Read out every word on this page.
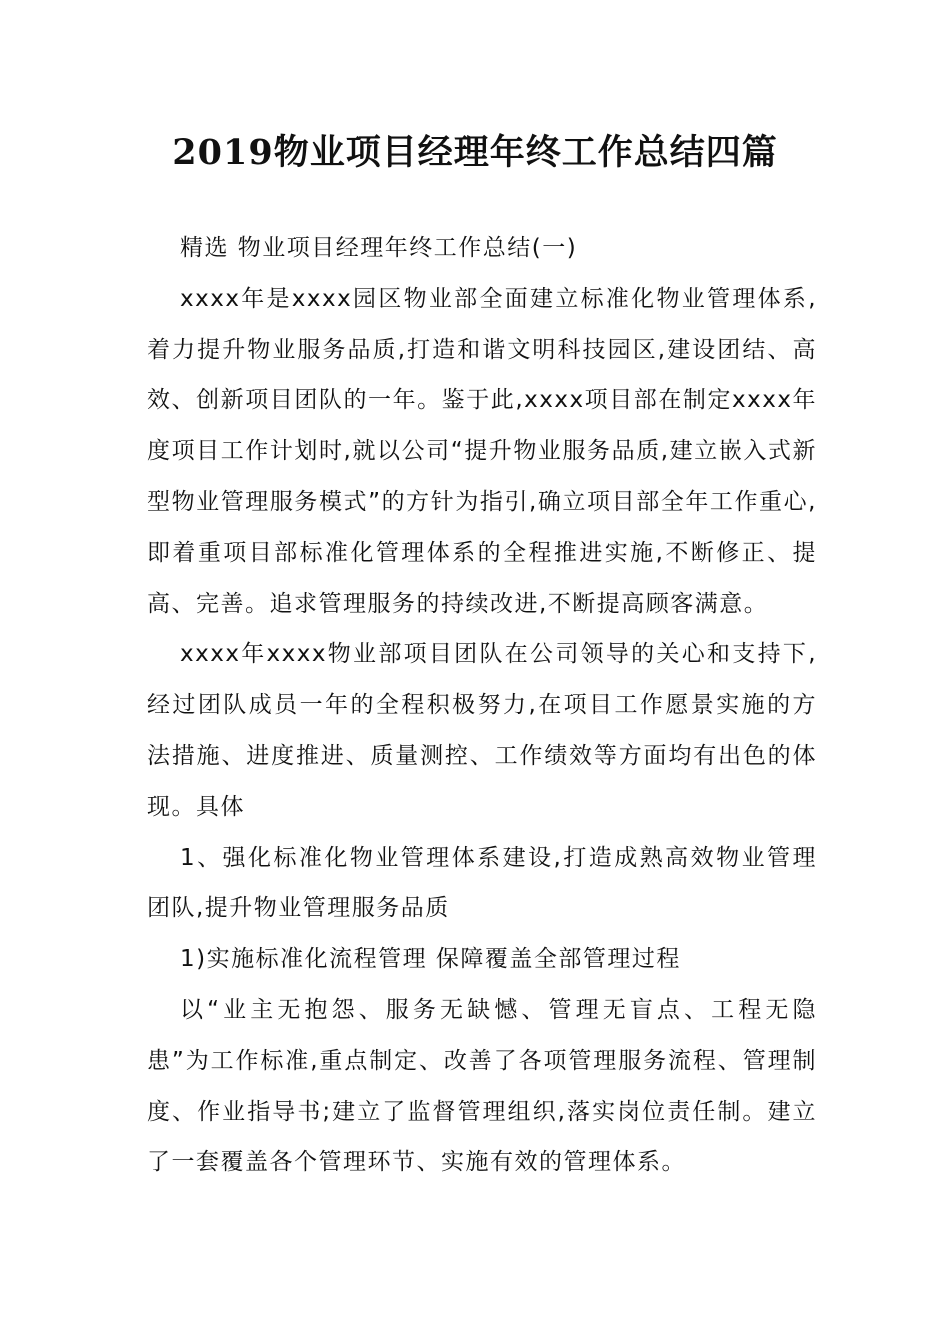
2019物业项目经理年终工作总结四篇

精选 物业项目经理年终工作总结(一)

xxxx年是xxxx园区物业部全面建立标准化物业管理体系,着力提升物业服务品质,打造和谐文明科技园区,建设团结、高效、创新项目团队的一年。鉴于此,xxxx项目部在制定xxxx年度项目工作计划时,就以公司“提升物业服务品质,建立嵌入式新型物业管理服务模式”的方针为指引,确立项目部全年工作重心,即着重项目部标准化管理体系的全程推进实施,不断修正、提高、完善。追求管理服务的持续改进,不断提高顾客满意。

xxxx年xxxx物业部项目团队在公司领导的关心和支持下,经过团队成员一年的全程积极努力,在项目工作愿景实施的方法措施、进度推进、质量测控、工作绩效等方面均有出色的体现。具体

1、强化标准化物业管理体系建设,打造成熟高效物业管理团队,提升物业管理服务品质

1)实施标准化流程管理 保障覆盖全部管理过程

以“业主无抱怨、服务无缺憾、管理无盲点、工程无隐患”为工作标准,重点制定、改善了各项管理服务流程、管理制度、作业指导书;建立了监督管理组织,落实岗位责任制。建立了一套覆盖各个管理环节、实施有效的管理体系。
